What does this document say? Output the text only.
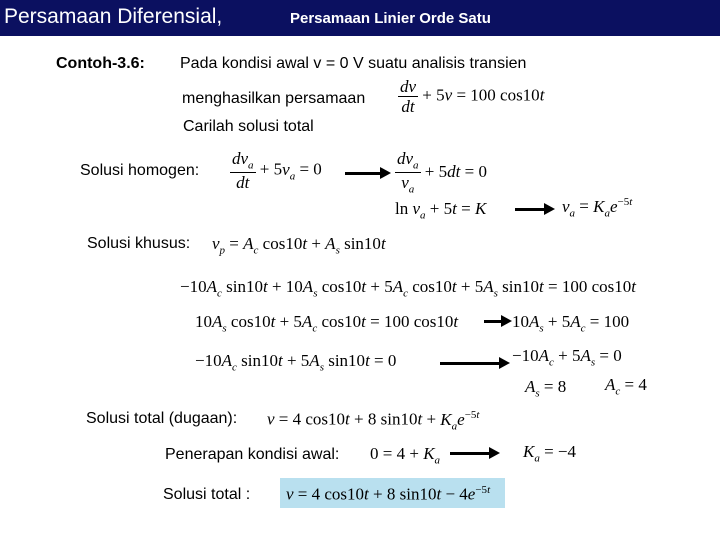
Persamaan Diferensial,	Persamaan Linier Orde Satu
Contoh-3.6: Pada kondisi awal v = 0 V suatu analisis transien
menghasilkan persamaan $\frac{dv}{dt} + 5v = 100$ cos10t
Carilah solusi total
Solusi homogen: $\frac{dv_a}{dt} + 5v_a = 0$	$\frac{dv_a}{v_a} + 5dt = 0$
$\ln v_a + 5t = K$	$v_a = K_ae^{-5t}$
Solusi khusus: $v_p = A_c$ $\cos 10t + A_s$ sin10t
$-10A_c$ $\sin 10t + 10A_s$ $\cos 10t + 5A_c$ $\cos 10t + 5A_s$ sin10t = 100 cos10t
$10A_s$ $\cos 10t + 5A_c$ cos10t = 100 cos10t	$10A_s + 5A_c = 100$
$-10A_c$ $\sin 10t + 5A_s$ sin10t = 0	$-10A_c + 5A_s = 0$
$A_s = 8$ $A_c = 4$
Solusi total (dugaan): v = 4 cos10t + 8 $\sin 10t + K_ae^{-5t}$
Penerapan kondisi awal: $0 = 4 + K_a$	$K_a = -4$
Solusi total : v = 4 cos10t + 8 $\sin 10t - 4e^{-5t}$
